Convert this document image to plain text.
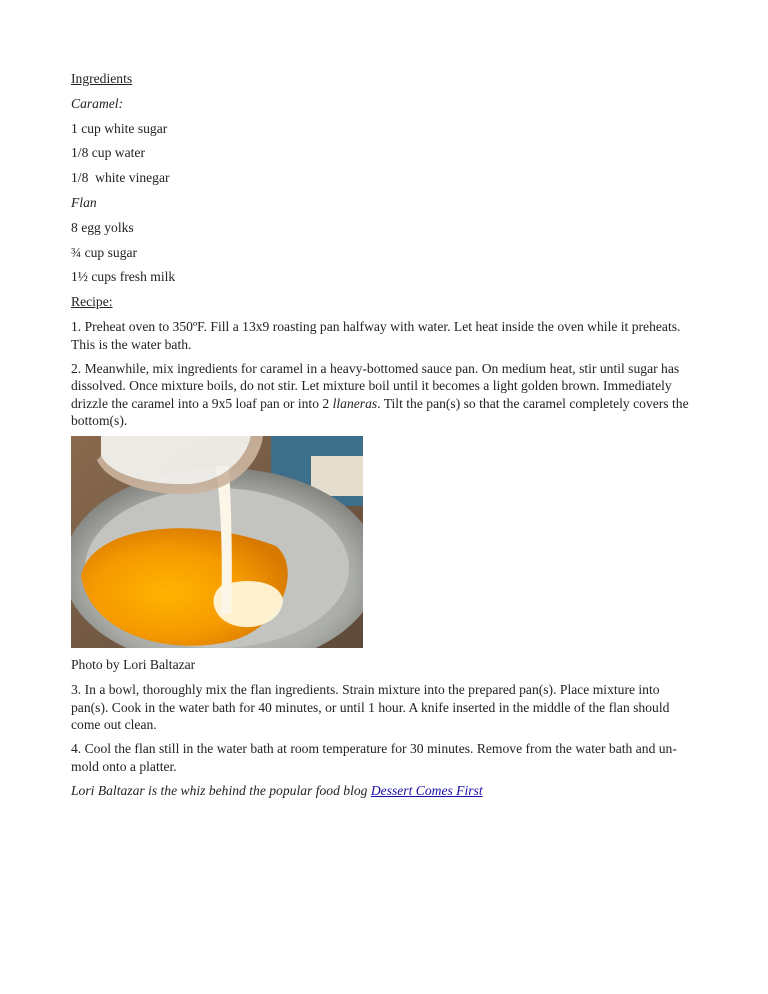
Ingredients
Caramel:
1 cup white sugar
1/8 cup water
1/8  white vinegar
Flan
8 egg yolks
¾ cup sugar
1½ cups fresh milk
Recipe:
1. Preheat oven to 350ºF. Fill a 13x9 roasting pan halfway with water. Let heat inside the oven while it preheats. This is the water bath.
2. Meanwhile, mix ingredients for caramel in a heavy-bottomed sauce pan. On medium heat, stir until sugar has dissolved. Once mixture boils, do not stir. Let mixture boil until it becomes a light golden brown. Immediately drizzle the caramel into a 9x5 loaf pan or into 2 llaneras. Tilt the pan(s) so that the caramel completely covers the bottom(s).
Photo by Lori Baltazar
3. In a bowl, thoroughly mix the flan ingredients. Strain mixture into the prepared pan(s). Place mixture into pan(s). Cook in the water bath for 40 minutes, or until 1 hour. A knife inserted in the middle of the flan should come out clean.
4. Cool the flan still in the water bath at room temperature for 30 minutes. Remove from the water bath and un-mold onto a platter.
Lori Baltazar is the whiz behind the popular food blog Dessert Comes First
